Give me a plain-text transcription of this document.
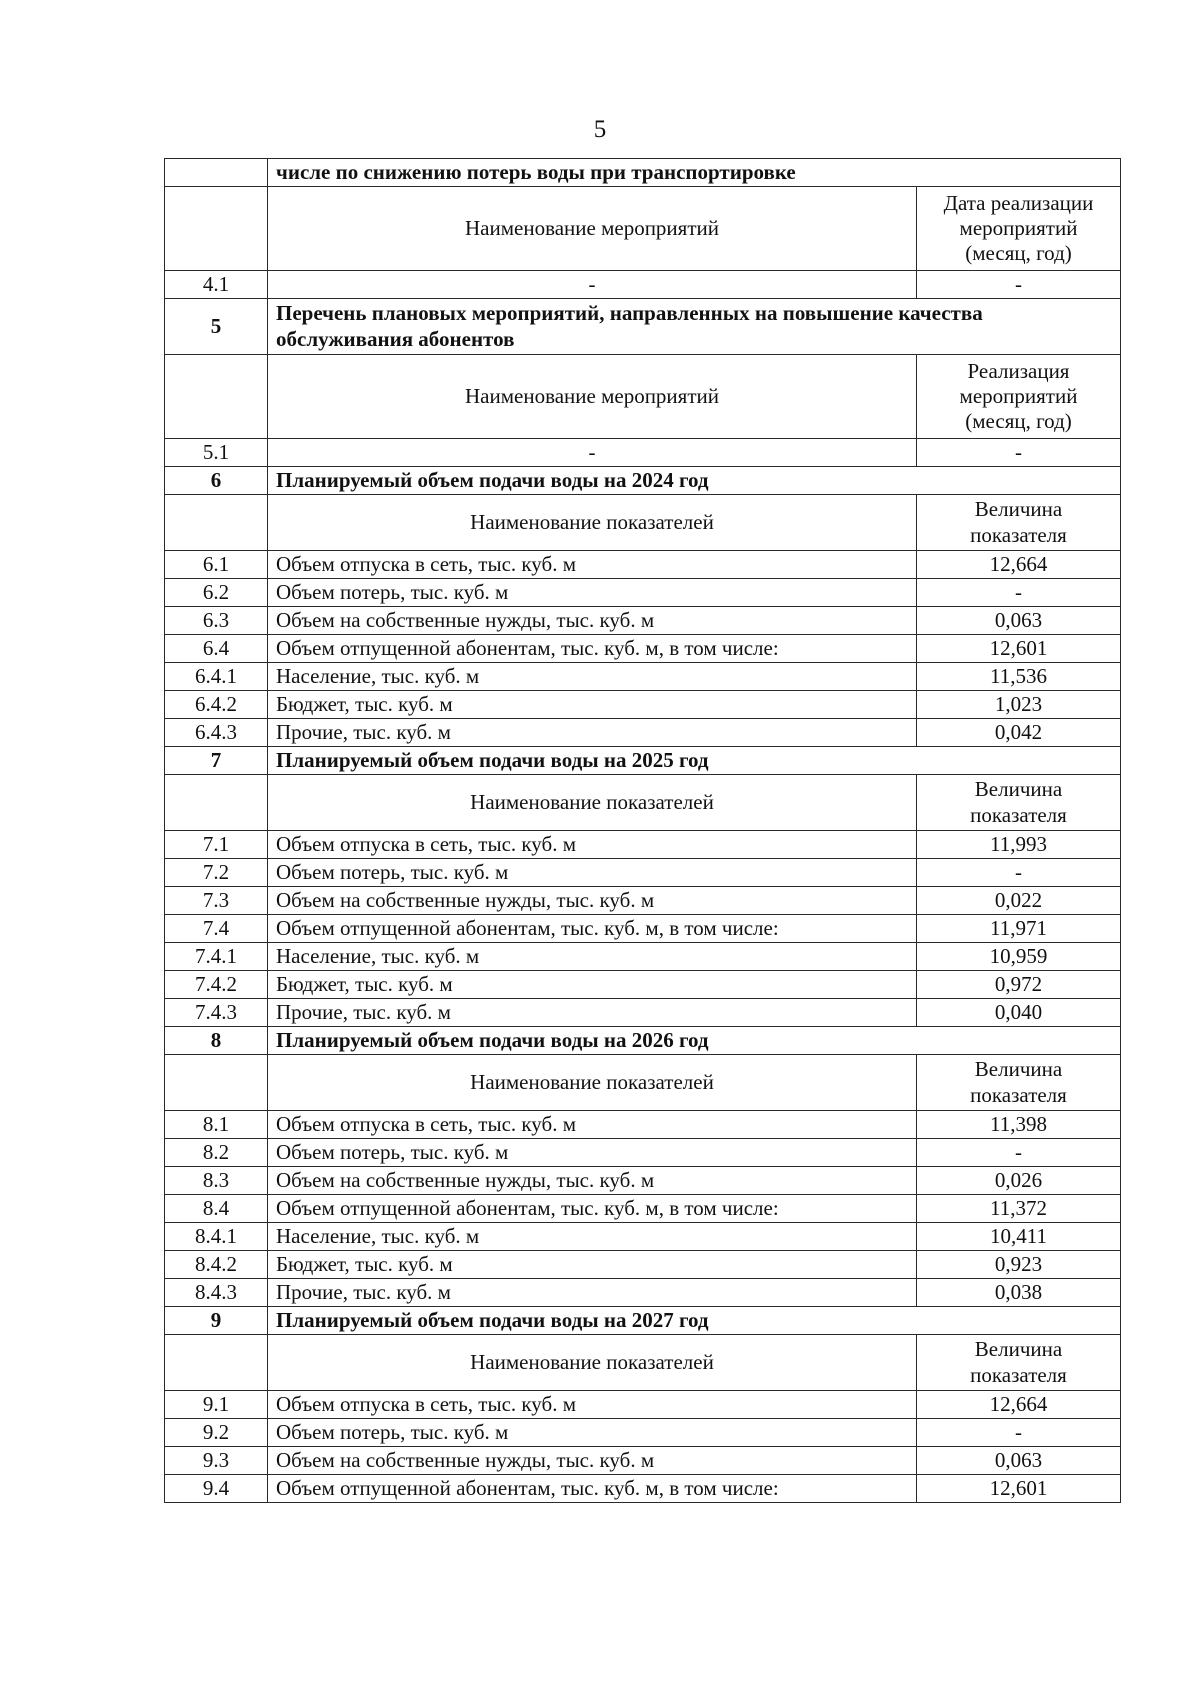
5
	числе по снижению потерь воды при транспортировке	
	Наименование мероприятий	Дата реализации мероприятий (месяц, год)
4.1	-	-
5	Перечень плановых мероприятий, направленных на повышение качества обслуживания абонентов	
	Наименование мероприятий	Реализация мероприятий (месяц, год)
5.1	-	-
6	Планируемый объем подачи воды на 2024 год	
	Наименование показателей	Величина показателя
6.1	Объем отпуска в сеть, тыс. куб. м	12,664
6.2	Объем потерь, тыс. куб. м	-
6.3	Объем на собственные нужды, тыс. куб. м	0,063
6.4	Объем отпущенной абонентам, тыс. куб. м, в том числе:	12,601
6.4.1	Население, тыс. куб. м	11,536
6.4.2	Бюджет, тыс. куб. м	1,023
6.4.3	Прочие, тыс. куб. м	0,042
7	Планируемый объем подачи воды на 2025 год	
	Наименование показателей	Величина показателя
7.1	Объем отпуска в сеть, тыс. куб. м	11,993
7.2	Объем потерь, тыс. куб. м	-
7.3	Объем на собственные нужды, тыс. куб. м	0,022
7.4	Объем отпущенной абонентам, тыс. куб. м, в том числе:	11,971
7.4.1	Население, тыс. куб. м	10,959
7.4.2	Бюджет, тыс. куб. м	0,972
7.4.3	Прочие, тыс. куб. м	0,040
8	Планируемый объем подачи воды на 2026 год	
	Наименование показателей	Величина показателя
8.1	Объем отпуска в сеть, тыс. куб. м	11,398
8.2	Объем потерь, тыс. куб. м	-
8.3	Объем на собственные нужды, тыс. куб. м	0,026
8.4	Объем отпущенной абонентам, тыс. куб. м, в том числе:	11,372
8.4.1	Население, тыс. куб. м	10,411
8.4.2	Бюджет, тыс. куб. м	0,923
8.4.3	Прочие, тыс. куб. м	0,038
9	Планируемый объем подачи воды на 2027 год	
	Наименование показателей	Величина показателя
9.1	Объем отпуска в сеть, тыс. куб. м	12,664
9.2	Объем потерь, тыс. куб. м	-
9.3	Объем на собственные нужды, тыс. куб. м	0,063
9.4	Объем отпущенной абонентам, тыс. куб. м, в том числе:	12,601
